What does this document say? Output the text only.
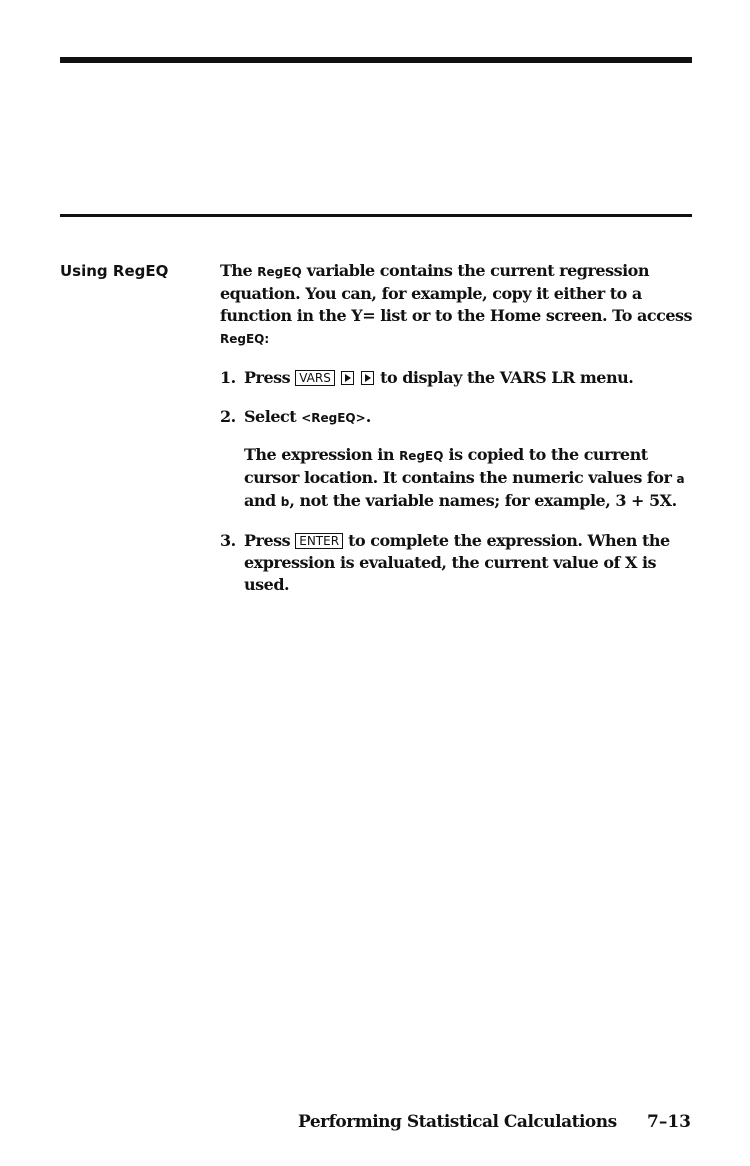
Using RegEQ	The RegEQ variable contains the current regression equation. You can, for example, copy it either to a function in the Y= list or to the Home screen. To access RegEQ:

1. Press VARS	to display the VARS LR menu.
2. Select <RegEQ>.

The expression in RegEQ is copied to the current cursor location. It contains the numeric values for a and b, not the variable names; for example, 3 + 5X.

3. Press ENTER to complete the expression. When the expression is evaluated, the current value of X is used.
Performing Statistical Calculations 7–13
